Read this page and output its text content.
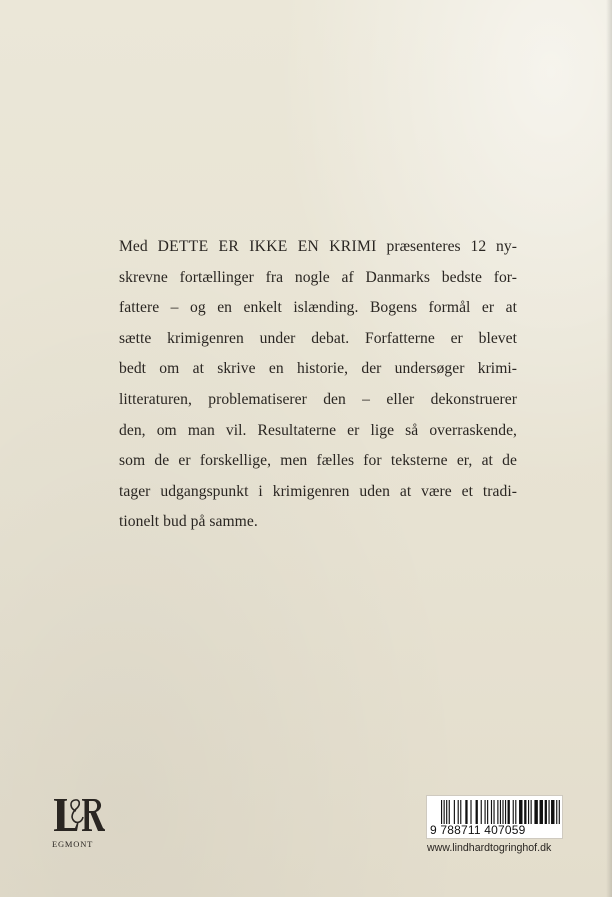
Med DETTE ER IKKE EN KRIMI præsenteres 12 ny-
skrevne fortællinger fra nogle af Danmarks bedste for-
fattere – og en enkelt islænding. Bogens formål er at
sætte krimigenren under debat. Forfatterne er blevet
bedt om at skrive en historie, der undersøger krimi-
litteraturen, problematiserer den – eller dekonstruerer
den, om man vil. Resultaterne er lige så overraskende,
som de er forskellige, men fælles for teksterne er, at de
tager udgangspunkt i krimigenren uden at være et tradi-
tionelt bud på samme.
EGMONT
9 788711 407059
www.lindhardtogringhof.dk
